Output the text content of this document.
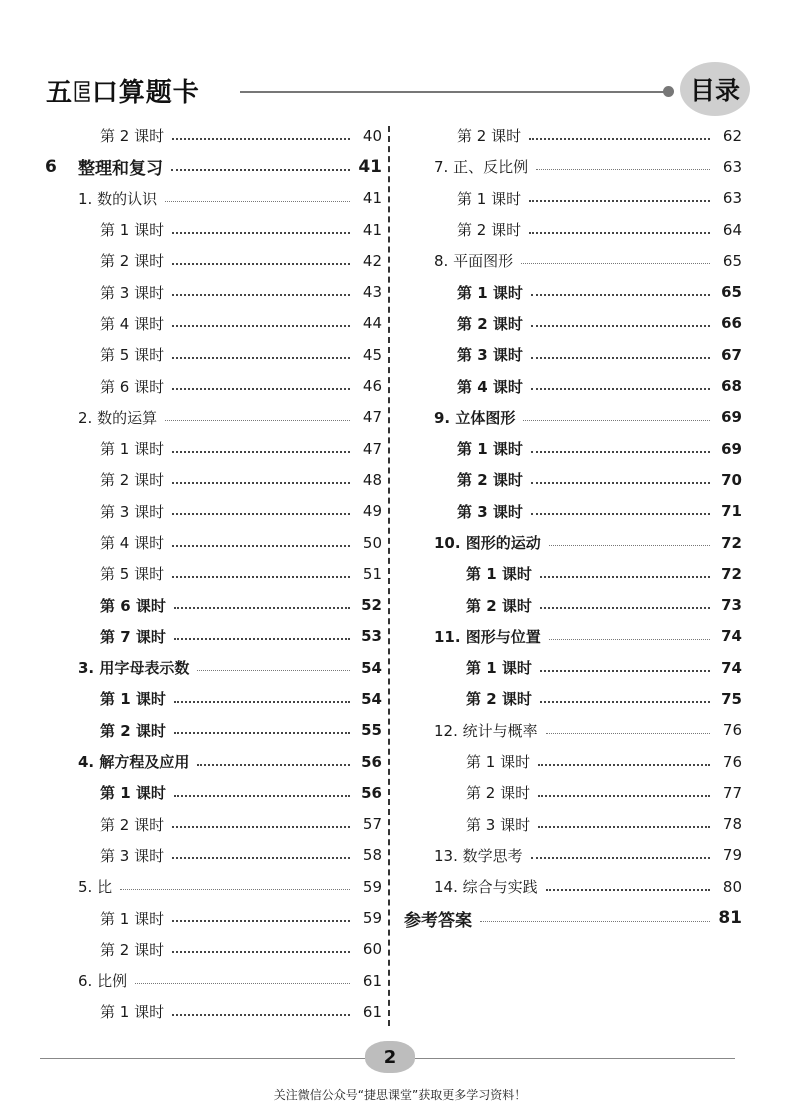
五E口算题卡	目录
第 2 课时	40
6	整理和复习	41
1. 数的认识	41
第 1 课时	41
第 2 课时	42
第 3 课时	43
第 4 课时	44
第 5 课时	45
第 6 课时	46
2. 数的运算	47
第 1 课时	47
第 2 课时	48
第 3 课时	49
第 4 课时	50
第 5 课时	51
第 6 课时	52
第 7 课时	53
3. 用字母表示数	54
第 1 课时	54
第 2 课时	55
4. 解方程及应用	56
第 1 课时	56
第 2 课时	57
第 3 课时	58
5. 比	59
第 1 课时	59
第 2 课时	60
6. 比例	61
第 1 课时	61
第 2 课时	62
7. 正、反比例	63
第 1 课时	63
第 2 课时	64
8. 平面图形	65
第 1 课时	65
第 2 课时	66
第 3 课时	67
第 4 课时	68
9. 立体图形	69
第 1 课时	69
第 2 课时	70
第 3 课时	71
10. 图形的运动	72
第 1 课时	72
第 2 课时	73
11. 图形与位置	74
第 1 课时	74
第 2 课时	75
12. 统计与概率	76
第 1 课时	76
第 2 课时	77
第 3 课时	78
13. 数学思考	79
14. 综合与实践	80
参考答案	81
2
关注微信公众号“捷思课堂”获取更多学习资料！
